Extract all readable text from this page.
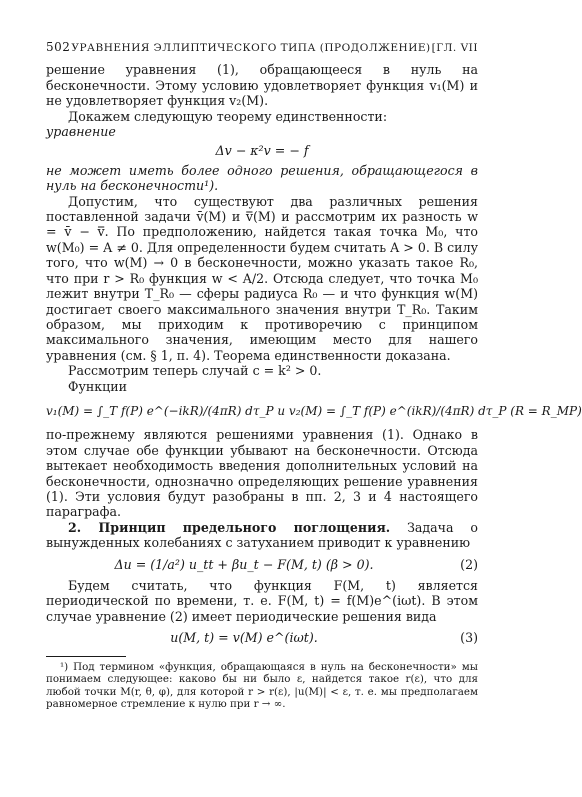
502 УРАВНЕНИЯ ЭЛЛИПТИЧЕСКОГО ТИПА (ПРОДОЛЖЕНИЕ) [ГЛ. VII

решение уравнения (1), обращающееся в нуль на бесконечности. Этому условию удовлетворяет функция v₁(M) и не удовлетворяет функция v₂(M).

Докажем следующую теорему единственности:

уравнение

Δv − κ²v = − f

не может иметь более одного решения, обращающегося в нуль на бесконечности¹).

Допустим, что существуют два различных решения поставленной задачи v̄(M) и v̿(M) и рассмотрим их разность w = v̄ − v̿. По предположению, найдется такая точка M₀, что w(M₀) = A ≠ 0. Для определенности будем считать A > 0. В силу того, что w(M) → 0 в бесконечности, можно указать такое R₀, что при r > R₀ функция w < A/2. Отсюда следует, что точка M₀ лежит внутри T_R₀ — сферы радиуса R₀ — и что функция w(M) достигает своего максимального значения внутри T_R₀. Таким образом, мы приходим к противоречию с принципом максимального значения, имеющим место для нашего уравнения (см. § 1, п. 4). Теорема единственности доказана.

Рассмотрим теперь случай c = k² > 0.

Функции

v₁(M) = ∫_T f(P) e^(−ikR)/(4πR) dτ_P и v₂(M) = ∫_T f(P) e^(ikR)/(4πR) dτ_P (R = R_MP)

по-прежнему являются решениями уравнения (1). Однако в этом случае обе функции убывают на бесконечности. Отсюда вытекает необходимость введения дополнительных условий на бесконечности, однозначно определяющих решение уравнения (1). Эти условия будут разобраны в пп. 2, 3 и 4 настоящего параграфа.

2. Принцип предельного поглощения. Задача о вынужденных колебаниях с затуханием приводит к уравнению

Δu = (1/a²) u_tt + βu_t − F(M, t) (β > 0).	(2)

Будем считать, что функция F(M, t) является периодической по времени, т. е. F(M, t) = f(M)e^(iωt). В этом случае уравнение (2) имеет периодические решения вида

u(M, t) = v(M) e^(iωt).	(3)

¹) Под термином «функция, обращающаяся в нуль на бесконечности» мы понимаем следующее: каково бы ни было ε, найдется такое r(ε), что для любой точки M(r, θ, φ), для которой r > r(ε), |u(M)| < ε, т. е. мы предполагаем равномерное стремление к нулю при r → ∞.
